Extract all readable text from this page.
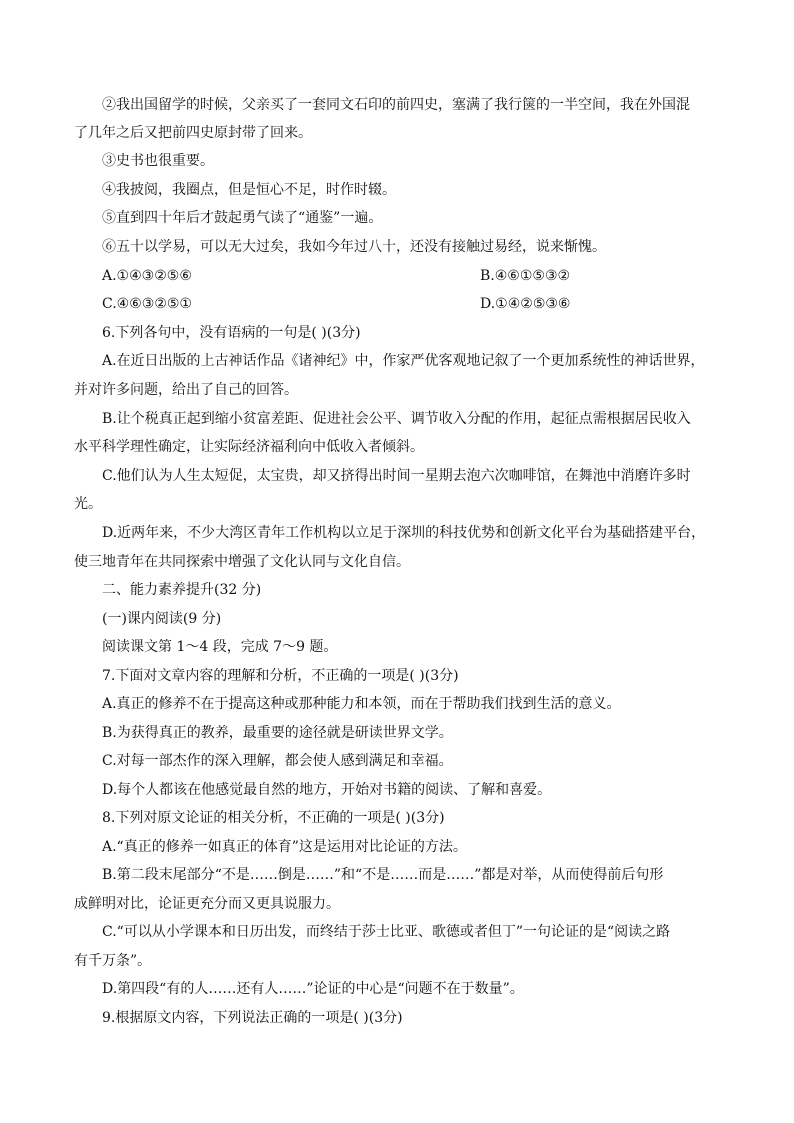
②我出国留学的时候，父亲买了一套同文石印的前四史，塞满了我行箧的一半空间，我在外国混
了几年之后又把前四史原封带了回来。
③史书也很重要。
④我披阅，我圈点，但是恒心不足，时作时辍。
⑤直到四十年后才鼓起勇气读了“通鉴”一遍。
⑥五十以学易，可以无大过矣，我如今年过八十，还没有接触过易经，说来惭愧。
A.①④③②⑤⑥	B.④⑥①⑤③②
C.④⑥③②⑤①	D.①④②⑤③⑥
6.下列各句中，没有语病的一句是( )(3分)
A.在近日出版的上古神话作品《诸神纪》中，作家严优客观地记叙了一个更加系统性的神话世界，
并对许多问题，给出了自己的回答。
B.让个税真正起到缩小贫富差距、促进社会公平、调节收入分配的作用，起征点需根据居民收入
水平科学理性确定，让实际经济福利向中低收入者倾斜。
C.他们认为人生太短促，太宝贵，却又挤得出时间一星期去泡六次咖啡馆，在舞池中消磨许多时
光。
D.近两年来，不少大湾区青年工作机构以立足于深圳的科技优势和创新文化平台为基础搭建平台，
使三地青年在共同探索中增强了文化认同与文化自信。
二、能力素养提升(32 分)
(一)课内阅读(9 分)
阅读课文第 1～4 段，完成 7～9 题。
7.下面对文章内容的理解和分析，不正确的一项是( )(3分)
A.真正的修养不在于提高这种或那种能力和本领，而在于帮助我们找到生活的意义。
B.为获得真正的教养，最重要的途径就是研读世界文学。
C.对每一部杰作的深入理解，都会使人感到满足和幸福。
D.每个人都该在他感觉最自然的地方，开始对书籍的阅读、了解和喜爱。
8.下列对原文论证的相关分析，不正确的一项是( )(3分)
A.“真正的修养一如真正的体育”这是运用对比论证的方法。
B.第二段末尾部分“不是……倒是……”和“不是……而是……”都是对举，从而使得前后句形
成鲜明对比，论证更充分而又更具说服力。
C.“可以从小学课本和日历出发，而终结于莎士比亚、歌德或者但丁”一句论证的是“阅读之路
有千万条”。
D.第四段“有的人……还有人……”论证的中心是“问题不在于数量”。
9.根据原文内容，下列说法正确的一项是( )(3分)
